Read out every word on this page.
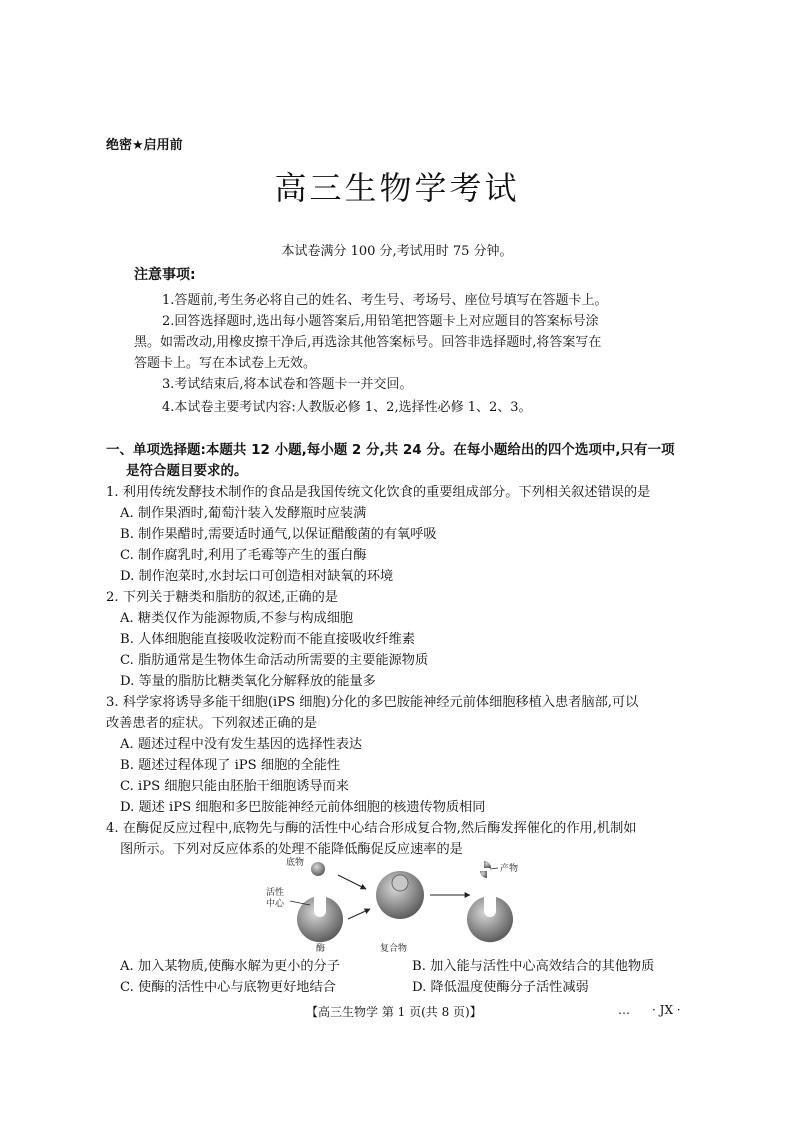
绝密★启用前
高三生物学考试
本试卷满分 100 分,考试用时 75 分钟。
注意事项:
1.答题前,考生务必将自己的姓名、考生号、考场号、座位号填写在答题卡上。
2.回答选择题时,选出每小题答案后,用铅笔把答题卡上对应题目的答案标号涂
黑。如需改动,用橡皮擦干净后,再选涂其他答案标号。回答非选择题时,将答案写在
答题卡上。写在本试卷上无效。
3.考试结束后,将本试卷和答题卡一并交回。
4.本试卷主要考试内容:人教版必修 1、2,选择性必修 1、2、3。
一、单项选择题:本题共 12 小题,每小题 2 分,共 24 分。在每小题给出的四个选项中,只有一项
是符合题目要求的。
1. 利用传统发酵技术制作的食品是我国传统文化饮食的重要组成部分。下列相关叙述错误的是
A. 制作果酒时,葡萄汁装入发酵瓶时应装满
B. 制作果醋时,需要适时通气,以保证醋酸菌的有氧呼吸
C. 制作腐乳时,利用了毛霉等产生的蛋白酶
D. 制作泡菜时,水封坛口可创造相对缺氧的环境
2. 下列关于糖类和脂肪的叙述,正确的是
A. 糖类仅作为能源物质,不参与构成细胞
B. 人体细胞能直接吸收淀粉而不能直接吸收纤维素
C. 脂肪通常是生物体生命活动所需要的主要能源物质
D. 等量的脂肪比糖类氧化分解释放的能量多
3. 科学家将诱导多能干细胞(iPS 细胞)分化的多巴胺能神经元前体细胞移植入患者脑部,可以
改善患者的症状。下列叙述正确的是
A. 题述过程中没有发生基因的选择性表达
B. 题述过程体现了 iPS 细胞的全能性
C. iPS 细胞只能由胚胎干细胞诱导而来
D. 题述 iPS 细胞和多巴胺能神经元前体细胞的核遗传物质相同
4. 在酶促反应过程中,底物先与酶的活性中心结合形成复合物,然后酶发挥催化的作用,机制如
图所示。下列对反应体系的处理不能降低酶促反应速率的是
底物
活性
中心
酶	复合物
产物
A. 加入某物质,使酶水解为更小的分子	B. 加入能与活性中心高效结合的其他物质
C. 使酶的活性中心与底物更好地结合	D. 降低温度使酶分子活性减弱
【高三生物学 第 1 页(共 8 页)】	… · JX ·
